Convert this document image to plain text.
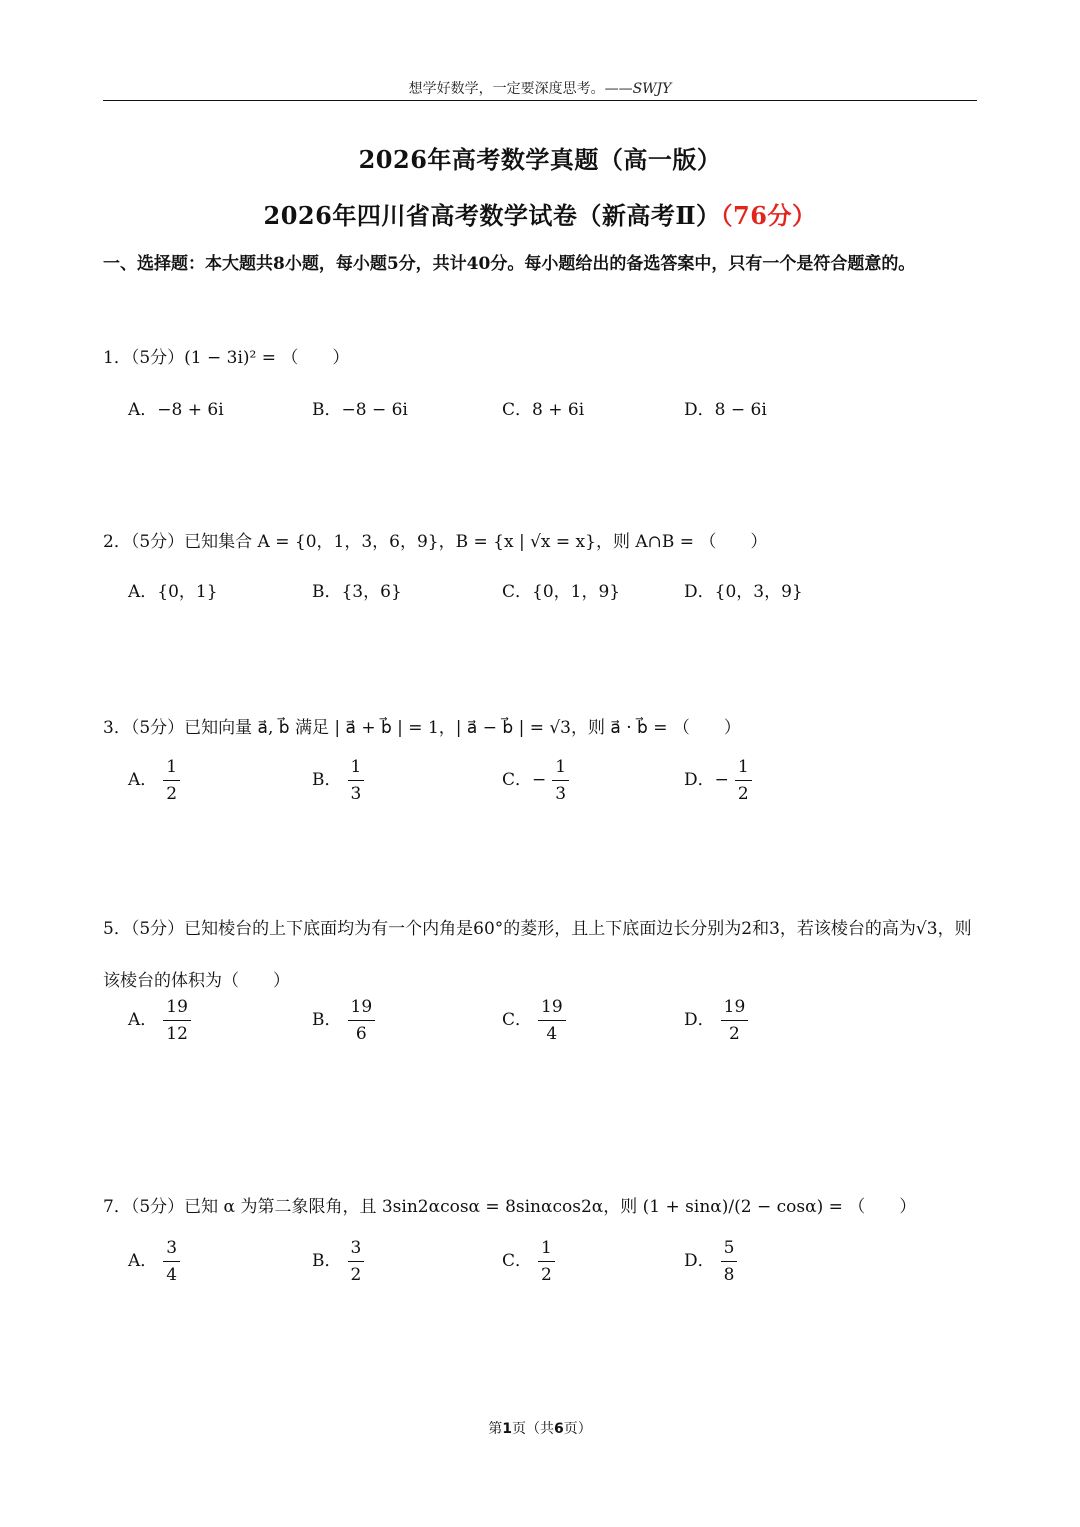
想学好数学，一定要深度思考。——SWJY
2026年高考数学真题（高一版）
2026年四川省高考数学试卷（新高考Ⅱ）（76分）
一、选择题：本大题共8小题，每小题5分，共计40分。每小题给出的备选答案中，只有一个是符合题意的。
1．（5分）(1 − 3i)² = （　　）
A．−8 + 6i	B．−8 − 6i	C．8 + 6i	D．8 − 6i
2．（5分）已知集合 A = {0，1，3，6，9}，B = {x | √x = x}，则 A∩B = （　　）
A．{0，1}	B．{3，6}	C．{0，1，9}	D．{0，3，9}
3．（5分）已知向量 a⃗, b⃗ 满足 | a⃗ + b⃗ | = 1，| a⃗ − b⃗ | = √3，则 a⃗ · b⃗ = （　　）
A． $\frac{1}{2}$	B． $\frac{1}{3}$	C．− $\frac{1}{3}$	D．− $\frac{1}{2}$
5．（5分）已知棱台的上下底面均为有一个内角是60°的菱形，且上下底面边长分别为2和3，若该棱台的高为√3，则该棱台的体积为（　　）
A． $\frac{19}{12}$	B． $\frac{19}{6}$	C． $\frac{19}{4}$	D． $\frac{19}{2}$
7．（5分）已知 α 为第二象限角，且 3sin2αcosα = 8sinαcos2α，则 (1 + sinα)/(2 − cosα) = （　　）
A． $\frac{3}{4}$	B． $\frac{3}{2}$	C． $\frac{1}{2}$	D． $\frac{5}{8}$
第1页（共6页）
